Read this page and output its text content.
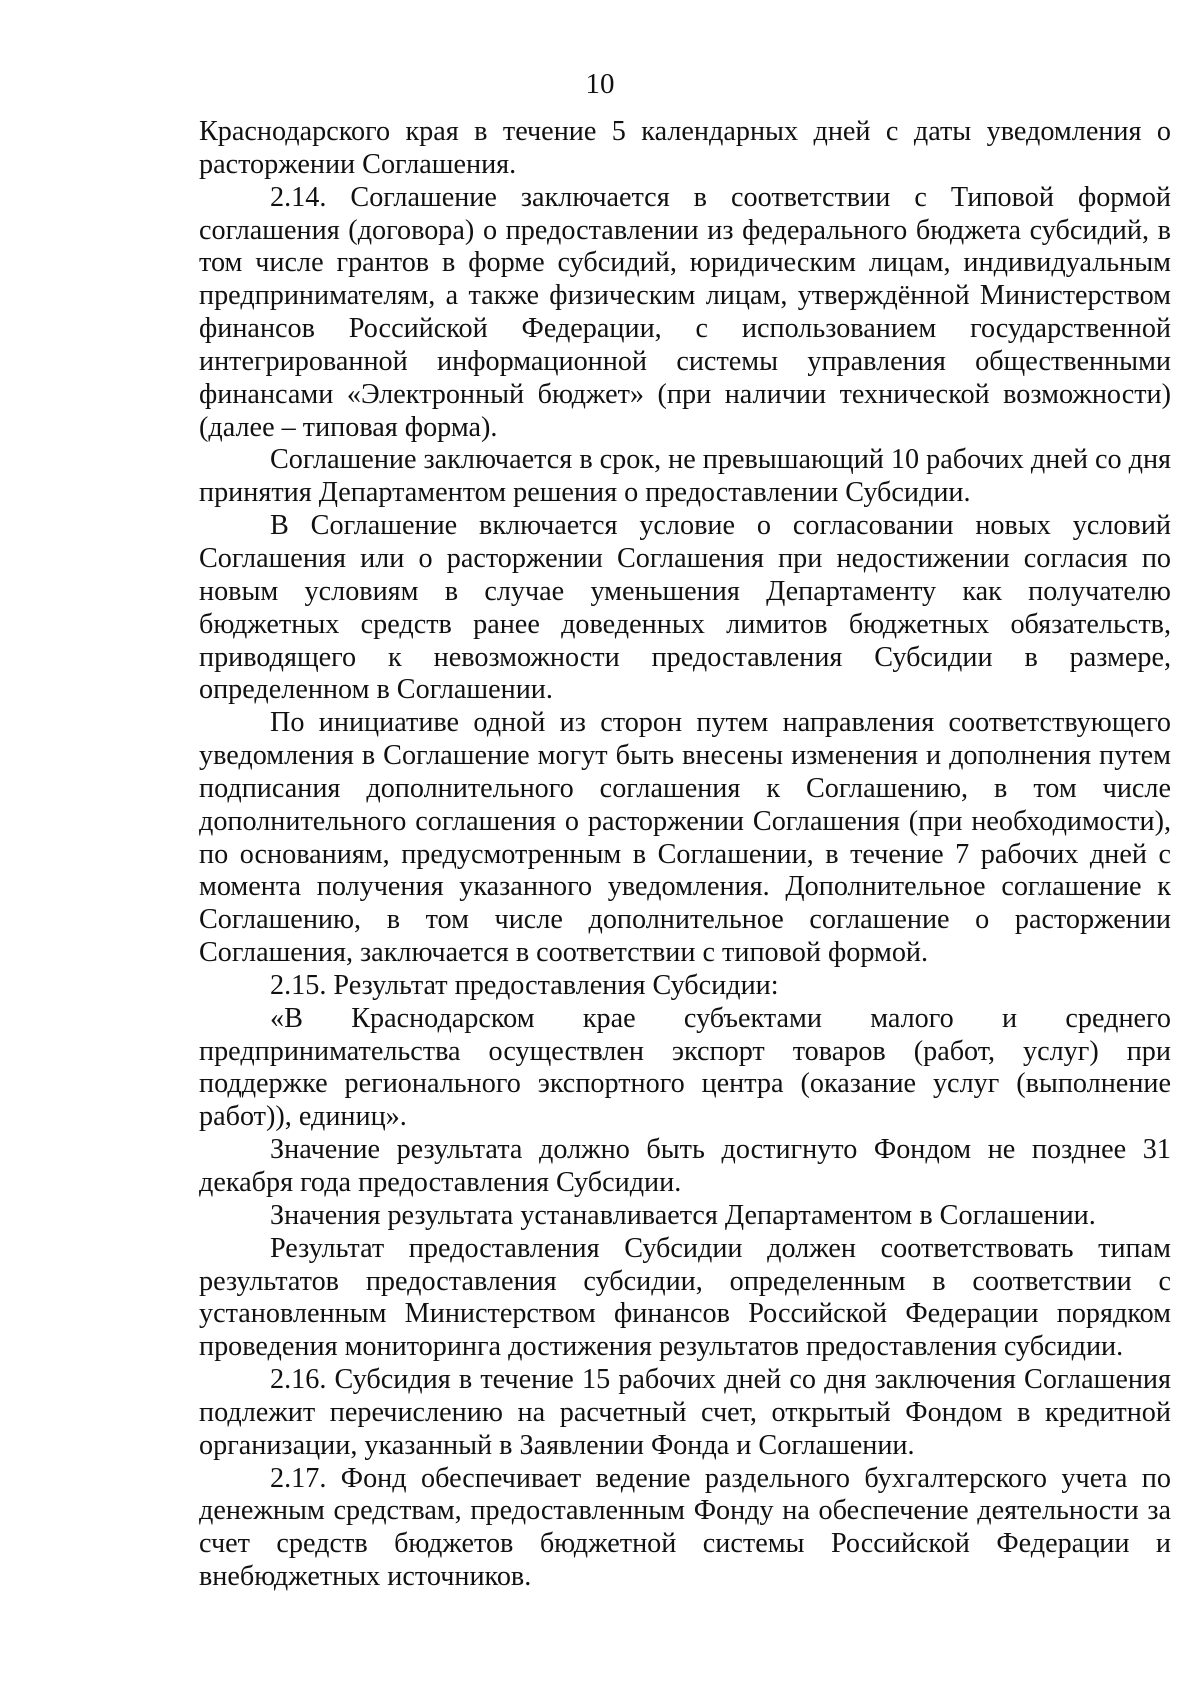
10

Краснодарского края в течение 5 календарных дней с даты уведомления о расторжении Соглашения.

2.14. Соглашение заключается в соответствии с Типовой формой соглашения (договора) о предоставлении из федерального бюджета субсидий, в том числе грантов в форме субсидий, юридическим лицам, индивидуальным предпринимателям, а также физическим лицам, утверждённой Министерством финансов Российской Федерации, с использованием государственной интегрированной информационной системы управления общественными финансами «Электронный бюджет» (при наличии технической возможности) (далее – типовая форма).

Соглашение заключается в срок, не превышающий 10 рабочих дней со дня принятия Департаментом решения о предоставлении Субсидии.

В Соглашение включается условие о согласовании новых условий Соглашения или о расторжении Соглашения при недостижении согласия по новым условиям в случае уменьшения Департаменту как получателю бюджетных средств ранее доведенных лимитов бюджетных обязательств, приводящего к невозможности предоставления Субсидии в размере, определенном в Соглашении.

По инициативе одной из сторон путем направления соответствующего уведомления в Соглашение могут быть внесены изменения и дополнения путем подписания дополнительного соглашения к Соглашению, в том числе дополнительного соглашения о расторжении Соглашения (при необходимости), по основаниям, предусмотренным в Соглашении, в течение 7 рабочих дней с момента получения указанного уведомления. Дополнительное соглашение к Соглашению, в том числе дополнительное соглашение о расторжении Соглашения, заключается в соответствии с типовой формой.

2.15. Результат предоставления Субсидии:

«В Краснодарском крае субъектами малого и среднего предпринимательства осуществлен экспорт товаров (работ, услуг) при поддержке регионального экспортного центра (оказание услуг (выполнение работ)), единиц».

Значение результата должно быть достигнуто Фондом не позднее 31 декабря года предоставления Субсидии.

Значения результата устанавливается Департаментом в Соглашении.

Результат предоставления Субсидии должен соответствовать типам результатов предоставления субсидии, определенным в соответствии с установленным Министерством финансов Российской Федерации порядком проведения мониторинга достижения результатов предоставления субсидии.

2.16. Субсидия в течение 15 рабочих дней со дня заключения Соглашения подлежит перечислению на расчетный счет, открытый Фондом в кредитной организации, указанный в Заявлении Фонда и Соглашении.

2.17. Фонд обеспечивает ведение раздельного бухгалтерского учета по денежным средствам, предоставленным Фонду на обеспечение деятельности за счет средств бюджетов бюджетной системы Российской Федерации и внебюджетных источников.
